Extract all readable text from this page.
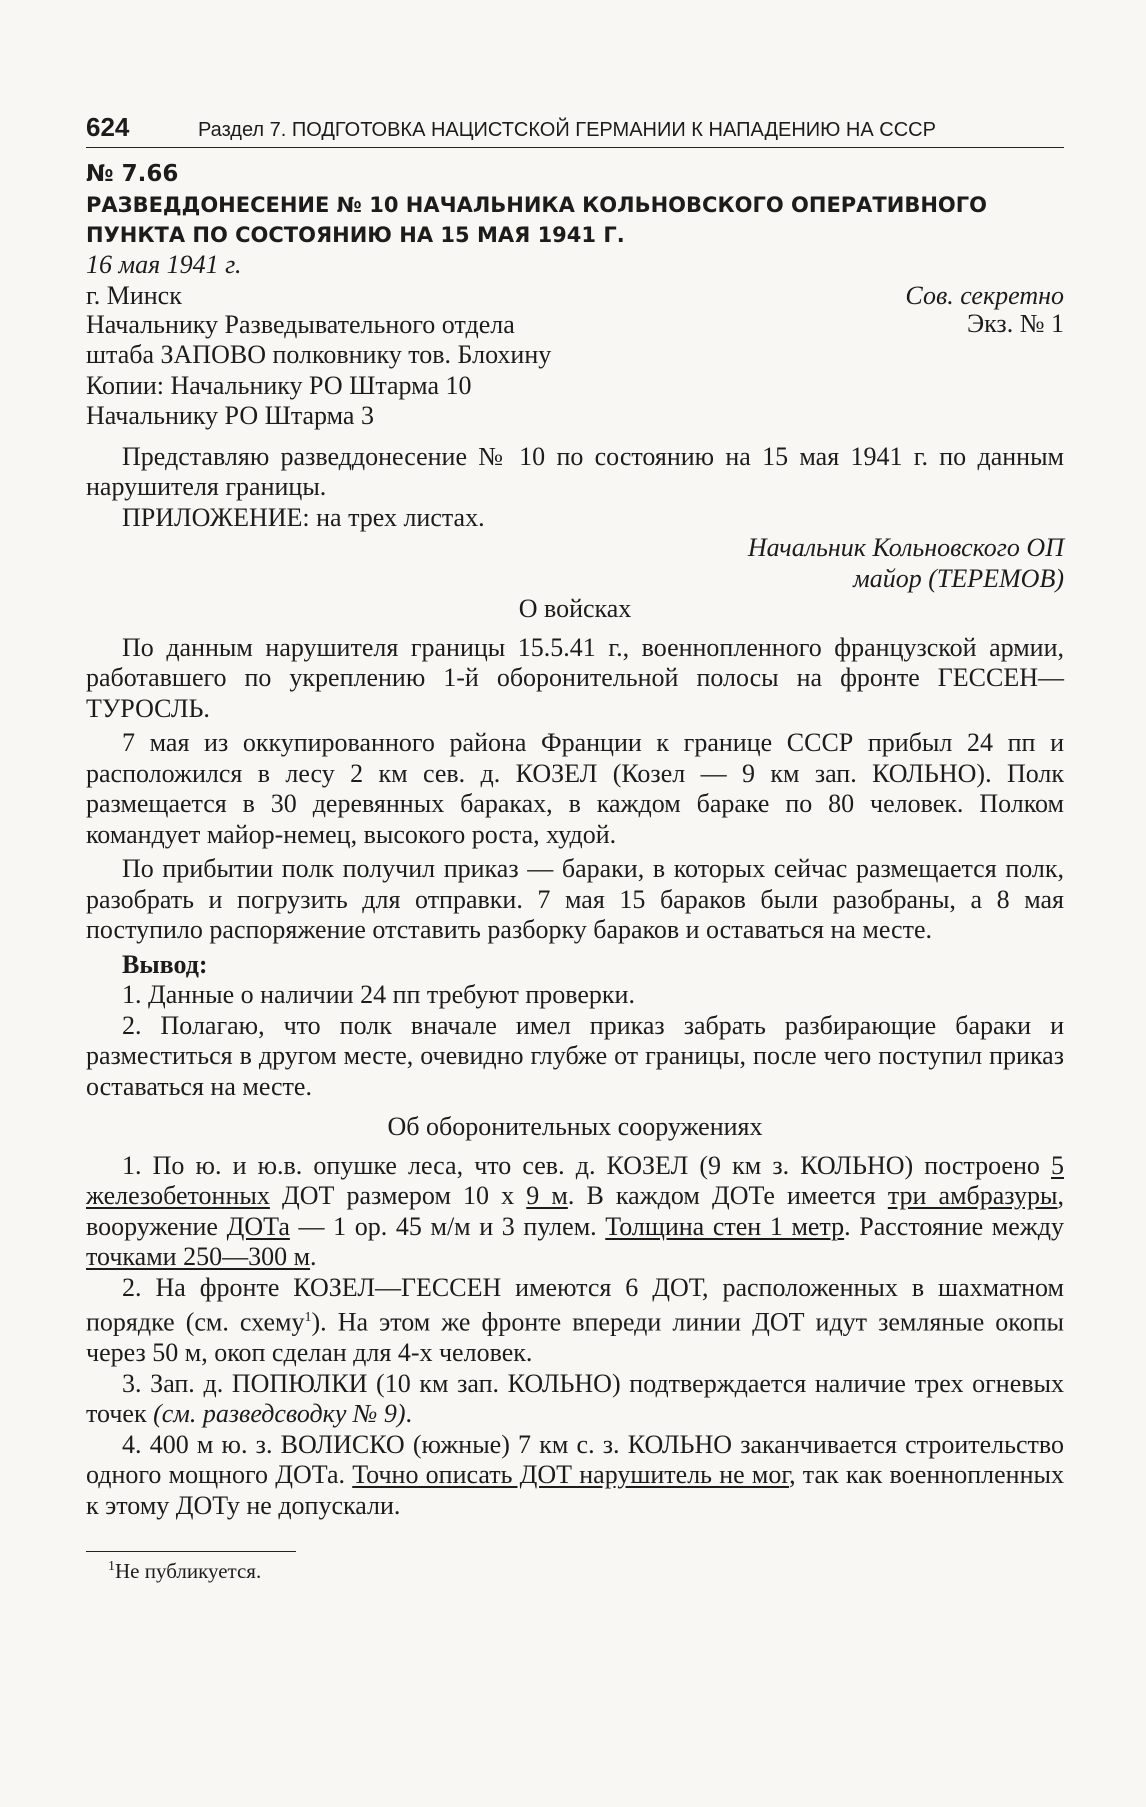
624	Раздел 7. ПОДГОТОВКА НАЦИСТСКОЙ ГЕРМАНИИ К НАПАДЕНИЮ НА СССР
№ 7.66
РАЗВЕДДОНЕСЕНИЕ № 10 НАЧАЛЬНИКА КОЛЬНОВСКОГО ОПЕРАТИВНОГО ПУНКТА ПО СОСТОЯНИЮ НА 15 МАЯ 1941 Г.

16 мая 1941 г.

г. Минск	Сов. секретно

Экз. № 1

Начальнику Разведывательного отдела

штаба ЗАПОВО полковнику тов. Блохину

Копии: Начальнику РО Штарма 10

Начальнику РО Штарма 3

Представляю разведдонесение № 10 по состоянию на 15 мая 1941 г. по данным нарушителя границы.

ПРИЛОЖЕНИЕ: на трех листах.

Начальник Кольновского ОП

майор (ТЕРЕМОВ)

О войсках

По данным нарушителя границы 15.5.41 г., военнопленного французской армии, работавшего по укреплению 1-й оборонительной полосы на фронте ГЕССЕН—ТУРОСЛЬ.

7 мая из оккупированного района Франции к границе СССР прибыл 24 пп и расположился в лесу 2 км сев. д. КОЗЕЛ (Козел — 9 км зап. КОЛЬНО). Полк размещается в 30 деревянных бараках, в каждом бараке по 80 человек. Полком командует майор-немец, высокого роста, худой.

По прибытии полк получил приказ — бараки, в которых сейчас размещается полк, разобрать и погрузить для отправки. 7 мая 15 бараков были разобраны, а 8 мая поступило распоряжение отставить разборку бараков и оставаться на месте.

Вывод:

1. Данные о наличии 24 пп требуют проверки.

2. Полагаю, что полк вначале имел приказ забрать разбирающие бараки и разместиться в другом месте, очевидно глубже от границы, после чего поступил приказ оставаться на месте.

Об оборонительных сооружениях

1. По ю. и ю.в. опушке леса, что сев. д. КОЗЕЛ (9 км з. КОЛЬНО) построено 5 железобетонных ДОТ размером 10 х 9 м. В каждом ДОТе имеется три амбразуры, вооружение ДОТа — 1 ор. 45 м/м и 3 пулем. Толщина стен 1 метр. Расстояние между точками 250—300 м.

2. На фронте КОЗЕЛ—ГЕССЕН имеются 6 ДОТ, расположенных в шахматном порядке (см. схему$^1$). На этом же фронте впереди линии ДОТ идут земляные окопы через 50 м, окоп сделан для 4-х человек.

3. Зап. д. ПОПЮЛКИ (10 км зап. КОЛЬНО) подтверждается наличие трех огневых точек (см. разведсводку № 9).

4. 400 м ю. з. ВОЛИСКО (южные) 7 км с. з. КОЛЬНО заканчивается строительство одного мощного ДОТа. Точно описать ДОТ нарушитель не мог, так как военнопленных к этому ДОТу не допускали.

$^1$Не публикуется.
